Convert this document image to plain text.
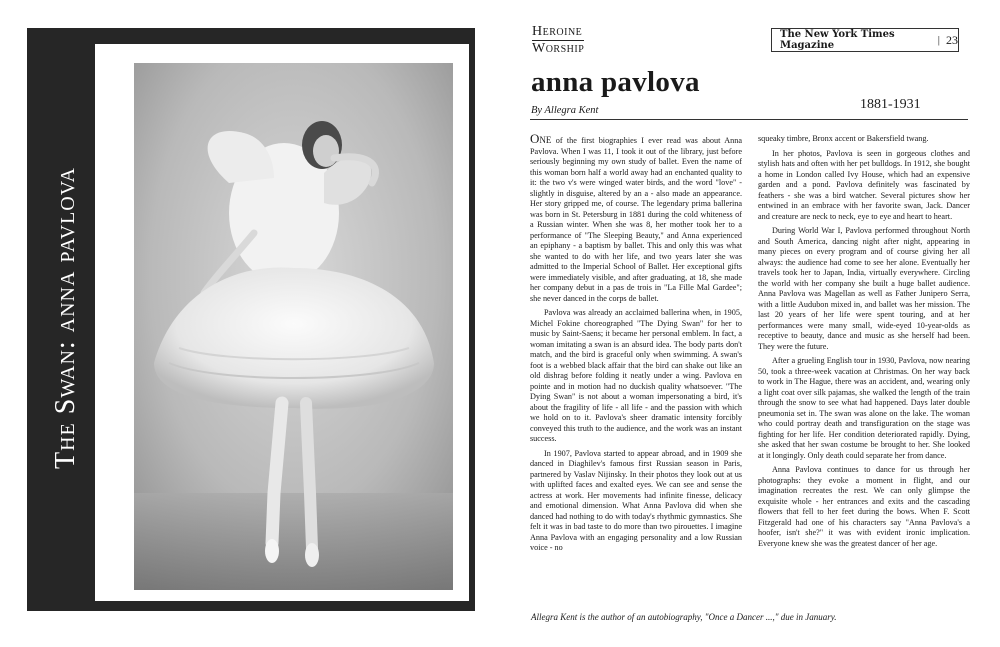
The Swan: anna pavlova
Heroine
Worship
The New York Times Magazine	| 23
anna pavlova
By Allegra Kent	1881-1931

One of the first biographies I ever read was about Anna Pavlova. When I was 11, I took it out of the library, just before seriously beginning my own study of ballet. Even the name of this woman born half a world away had an enchanted quality to it: the two v's were winged water birds, and the word "love" - slightly in disguise, altered by an a - also made an appearance. Her story gripped me, of course. The legendary prima ballerina was born in St. Petersburg in 1881 during the cold whiteness of a Russian winter. When she was 8, her mother took her to a performance of "The Sleeping Beauty," and Anna experienced an epiphany - a baptism by ballet. This and only this was what she wanted to do with her life, and two years later she was admitted to the Imperial School of Ballet. Her exceptional gifts were immediately visible, and after graduating, at 18, she made her company debut in a pas de trois in "La Fille Mal Gardee"; she never danced in the corps de ballet.

Pavlova was already an acclaimed ballerina when, in 1905, Michel Fokine choreographed "The Dying Swan" for her to music by Saint-Saens; it became her personal emblem. In fact, a woman imitating a swan is an absurd idea. The body parts don't match, and the bird is graceful only when swimming. A swan's foot is a webbed black affair that the bird can shake out like an old dishrag before folding it neatly under a wing. Pavlova en pointe and in motion had no duckish quality whatsoever. "The Dying Swan" is not about a woman impersonating a bird, it's about the fragility of life - all life - and the passion with which we hold on to it. Pavlova's sheer dramatic intensity forcibly conveyed this truth to the audience, and the work was an instant success.

In 1907, Pavlova started to appear abroad, and in 1909 she danced in Diaghilev's famous first Russian season in Paris, partnered by Vaslav Nijinsky. In their photos they look out at us with uplifted faces and exalted eyes. We can see and sense the actress at work. Her movements had infinite finesse, delicacy and emotional dimension. What Anna Pavlova did when she danced had nothing to do with today's rhythmic gymnastics. She felt it was in bad taste to do more than two pirouettes. I imagine Anna Pavlova with an engaging personality and a low Russian voice - no

squeaky timbre, Bronx accent or Bakersfield twang.

In her photos, Pavlova is seen in gorgeous clothes and stylish hats and often with her pet bulldogs. In 1912, she bought a home in London called Ivy House, which had an expensive garden and a pond. Pavlova definitely was fascinated by feathers - she was a bird watcher. Several pictures show her entwined in an embrace with her favorite swan, Jack. Dancer and creature are neck to neck, eye to eye and heart to heart.

During World War I, Pavlova performed throughout North and South America, dancing night after night, appearing in many pieces on every program and of course giving her all always: the audience had come to see her alone. Eventually her travels took her to Japan, India, virtually everywhere. Circling the world with her company she built a huge ballet audience. Anna Pavlova was Magellan as well as Father Junipero Serra, with a little Audubon mixed in, and ballet was her mission. The last 20 years of her life were spent touring, and at her performances were many small, wide-eyed 10-year-olds as receptive to beauty, dance and music as she herself had been. They were the future.

After a grueling English tour in 1930, Pavlova, now nearing 50, took a three-week vacation at Christmas. On her way back to work in The Hague, there was an accident, and, wearing only a light coat over silk pajamas, she walked the length of the train through the snow to see what had happened. Days later double pneumonia set in. The swan was alone on the lake. The woman who could portray death and transfiguration on the stage was fighting for her life. Her condition deteriorated rapidly. Dying, she asked that her swan costume be brought to her. She looked at it longingly. Only death could separate her from dance.

Anna Pavlova continues to dance for us through her photographs: they evoke a moment in flight, and our imagination recreates the rest. We can only glimpse the exquisite whole - her entrances and exits and the cascading flowers that fell to her feet during the bows. When F. Scott Fitzgerald had one of his characters say "Anna Pavlova's a hoofer, isn't she?" it was with evident ironic implication. Everyone knew she was the greatest dancer of her age.

Allegra Kent is the author of an autobiography, "Once a Dancer ...," due in January.
